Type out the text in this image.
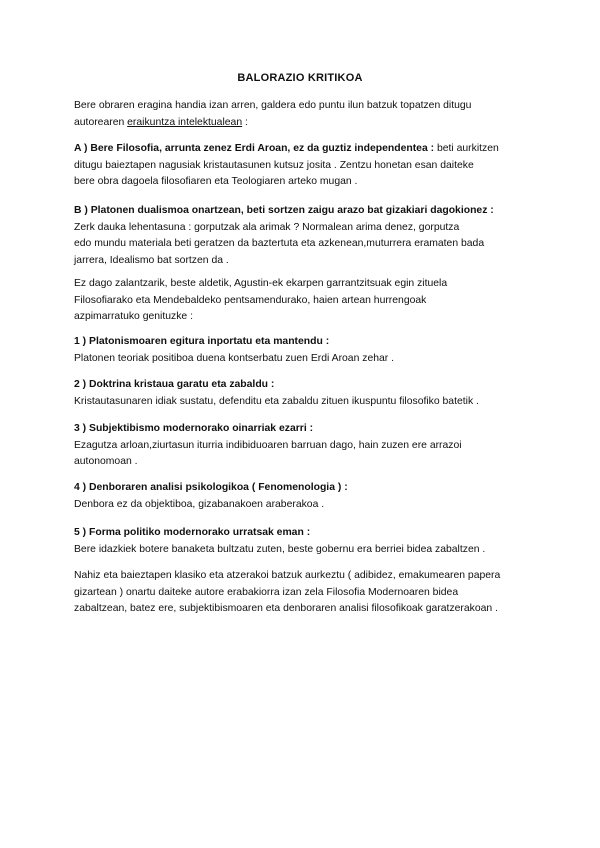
BALORAZIO KRITIKOA

Bere obraren eragina handia izan arren, galdera edo puntu ilun batzuk topatzen ditugu

autorearen eraikuntza intelektualean :

A ) Bere Filosofia, arrunta zenez Erdi Aroan, ez da guztiz independentea : beti aurkitzen

ditugu baieztapen nagusiak kristautasunen kutsuz josita . Zentzu honetan esan daiteke

bere obra dagoela filosofiaren eta Teologiaren arteko mugan .

B ) Platonen dualismoa onartzean, beti sortzen zaigu arazo bat gizakiari dagokionez :

Zerk dauka lehentasuna : gorputzak ala arimak ? Normalean arima denez, gorputza

edo mundu materiala beti geratzen da baztertuta eta azkenean,muturrera eramaten bada

jarrera, Idealismo bat sortzen da .

Ez dago zalantzarik, beste aldetik, Agustin-ek ekarpen garrantzitsuak egin zituela

Filosofiarako eta Mendebaldeko pentsamendurako, haien artean hurrengoak

azpimarratuko genituzke :

1 ) Platonismoaren egitura inportatu eta mantendu :

Platonen teoriak positiboa duena kontserbatu zuen Erdi Aroan zehar .

2 ) Doktrina kristaua garatu eta zabaldu :

Kristautasunaren idiak sustatu, defenditu eta zabaldu zituen ikuspuntu filosofiko batetik .

3 ) Subjektibismo modernorako oinarriak ezarri :

Ezagutza arloan,ziurtasun iturria indibiduoaren barruan dago, hain zuzen ere arrazoi

autonomoan .

4 ) Denboraren analisi psikologikoa ( Fenomenologia ) :

Denbora ez da objektiboa, gizabanakoen araberakoa .

5 ) Forma politiko modernorako urratsak eman :

Bere idazkiek botere banaketa bultzatu zuten, beste gobernu era berriei bidea zabaltzen .

Nahiz eta baieztapen klasiko eta atzerakoi batzuk aurkeztu ( adibidez, emakumearen papera

gizartean ) onartu daiteke autore erabakiorra izan zela Filosofia Modernoaren bidea

zabaltzean, batez ere, subjektibismoaren eta denboraren analisi filosofikoak garatzerakoan .
